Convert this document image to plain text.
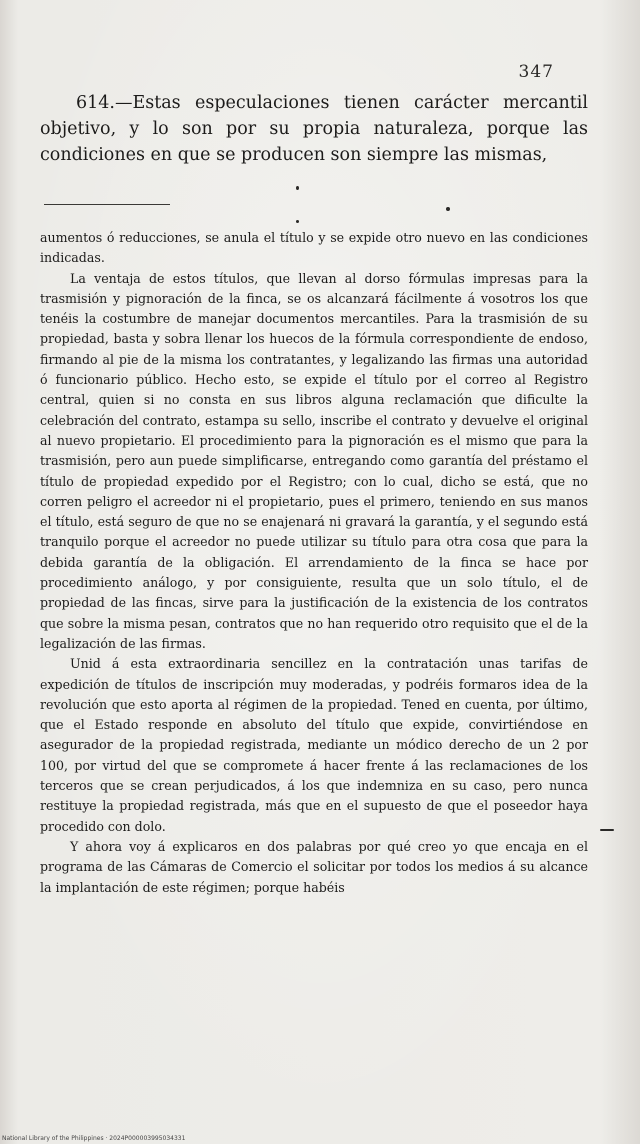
347

614.—Estas especulaciones tienen carácter mercantil objetivo, y lo son por su propia naturaleza, porque las condiciones en que se producen son siempre las mismas,

aumentos ó reducciones, se anula el título y se expide otro nuevo en las condiciones indicadas.

La ventaja de estos títulos, que llevan al dorso fórmulas impresas para la trasmisión y pignoración de la finca, se os alcanzará fácilmente á vosotros los que tenéis la costumbre de manejar documentos mercantiles. Para la trasmisión de su propiedad, basta y sobra llenar los huecos de la fórmula correspondiente de endoso, firmando al pie de la misma los contratantes, y legalizando las firmas una autoridad ó funcionario público. Hecho esto, se expide el título por el correo al Registro central, quien si no consta en sus libros alguna reclamación que dificulte la celebración del contrato, estampa su sello, inscribe el contrato y devuelve el original al nuevo propietario. El procedimiento para la pignoración es el mismo que para la trasmisión, pero aun puede simplificarse, entregando como garantía del préstamo el título de propiedad expedido por el Registro; con lo cual, dicho se está, que no corren peligro el acreedor ni el propietario, pues el primero, teniendo en sus manos el título, está seguro de que no se enajenará ni gravará la garantía, y el segundo está tranquilo porque el acreedor no puede utilizar su título para otra cosa que para la debida garantía de la obligación. El arrendamiento de la finca se hace por procedimiento análogo, y por consiguiente, resulta que un solo título, el de propiedad de las fincas, sirve para la justificación de la existencia de los contratos que sobre la misma pesan, contratos que no han requerido otro requisito que el de la legalización de las firmas.

Unid á esta extraordinaria sencillez en la contratación unas tarifas de expedición de títulos de inscripción muy moderadas, y podréis formaros idea de la revolución que esto aporta al régimen de la propiedad. Tened en cuenta, por último, que el Estado responde en absoluto del título que expide, convirtiéndose en asegurador de la propiedad registrada, mediante un módico derecho de un 2 por 100, por virtud del que se compromete á hacer frente á las reclamaciones de los terceros que se crean perjudicados, á los que indemniza en su caso, pero nunca restituye la propiedad registrada, más que en el supuesto de que el poseedor haya procedido con dolo.

Y ahora voy á explicaros en dos palabras por qué creo yo que encaja en el programa de las Cámaras de Comercio el solicitar por todos los medios á su alcance la implantación de este régimen; porque habéis

National Library of the Philippines · 2024P000003995034331
